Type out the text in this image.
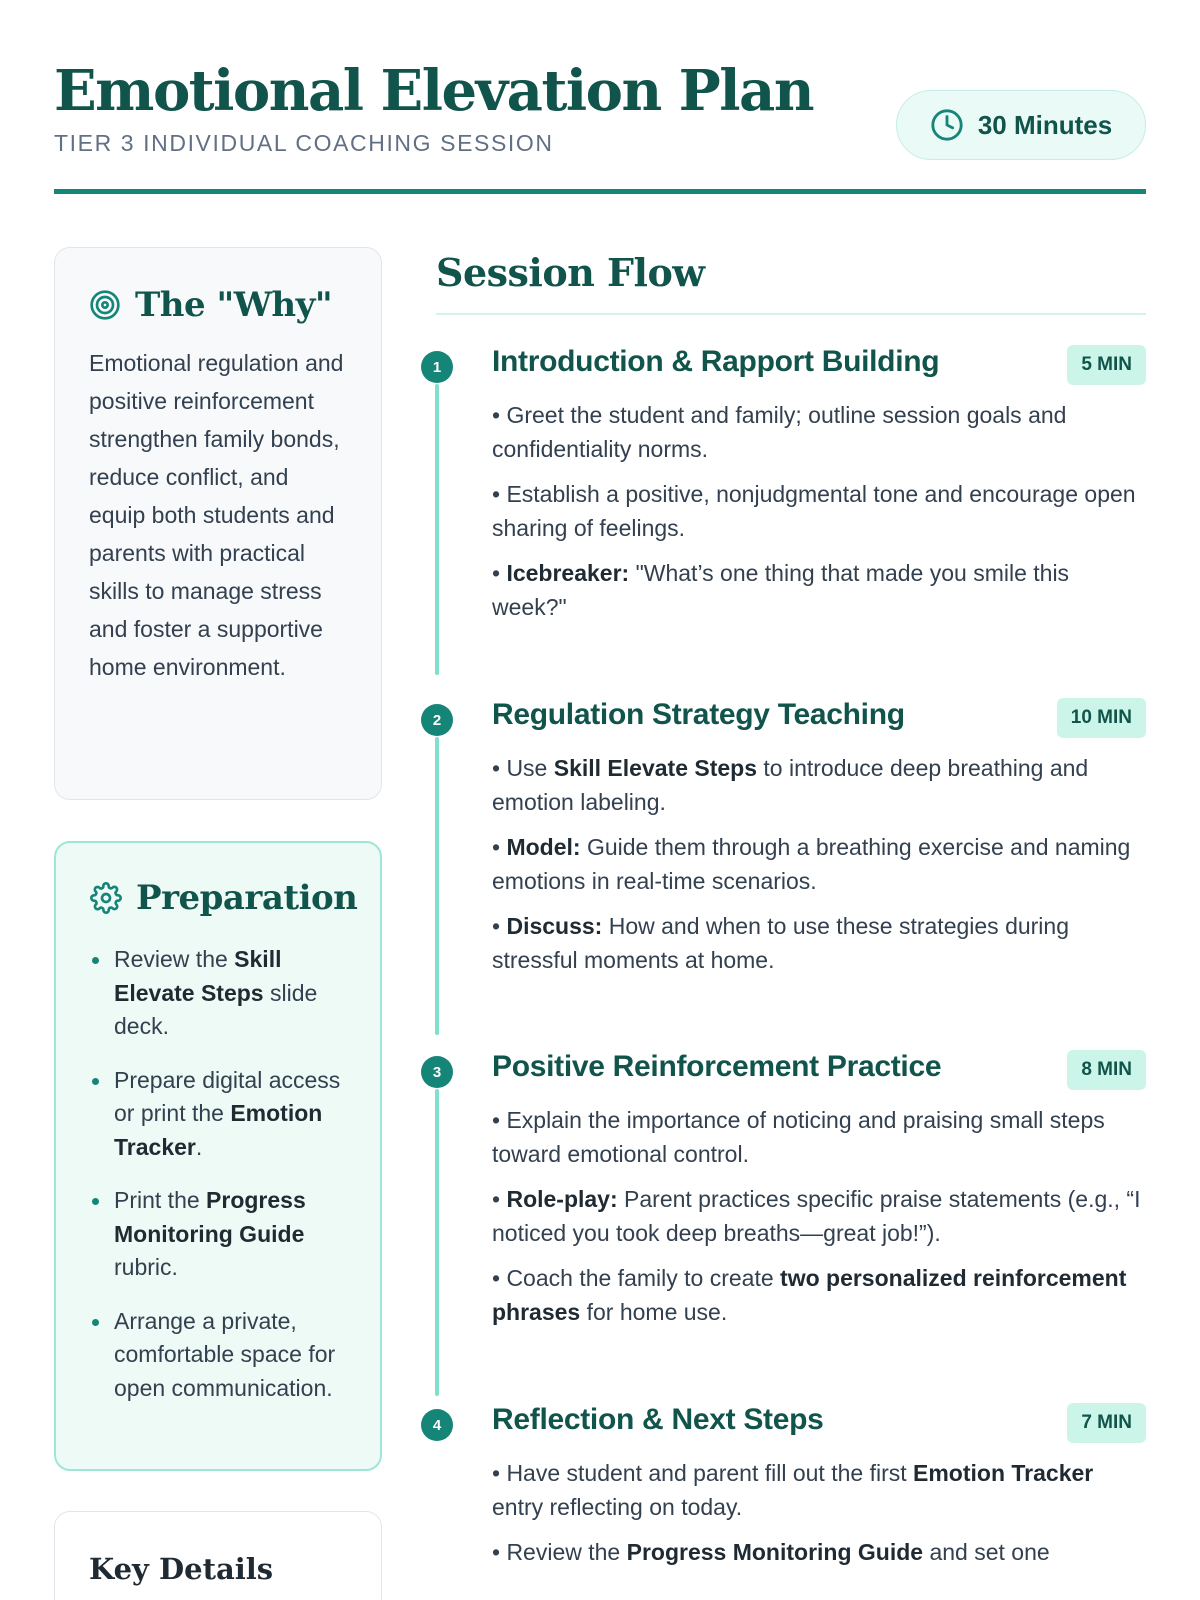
Emotional Elevation Plan
TIER 3 INDIVIDUAL COACHING SESSION
30 Minutes
The "Why"
Emotional regulation and positive reinforcement strengthen family bonds, reduce conflict, and equip both students and parents with practical skills to manage stress and foster a supportive home environment.
Preparation
Review the Skill Elevate Steps slide deck.
Prepare digital access or print the Emotion Tracker.
Print the Progress Monitoring Guide rubric.
Arrange a private, comfortable space for open communication.
Key Details
Session Flow
1	Introduction & Rapport Building	5 MIN
• Greet the student and family; outline session goals and confidentiality norms.
• Establish a positive, nonjudgmental tone and encourage open sharing of feelings.
• Icebreaker: "What’s one thing that made you smile this week?"
2	Regulation Strategy Teaching	10 MIN
• Use Skill Elevate Steps to introduce deep breathing and emotion labeling.
• Model: Guide them through a breathing exercise and naming emotions in real-time scenarios.
• Discuss: How and when to use these strategies during stressful moments at home.
3	Positive Reinforcement Practice	8 MIN
• Explain the importance of noticing and praising small steps toward emotional control.
• Role-play: Parent practices specific praise statements (e.g., “I noticed you took deep breaths—great job!”).
• Coach the family to create two personalized reinforcement phrases for home use.
4	Reflection & Next Steps	7 MIN
• Have student and parent fill out the first Emotion Tracker entry reflecting on today.
• Review the Progress Monitoring Guide and set one
